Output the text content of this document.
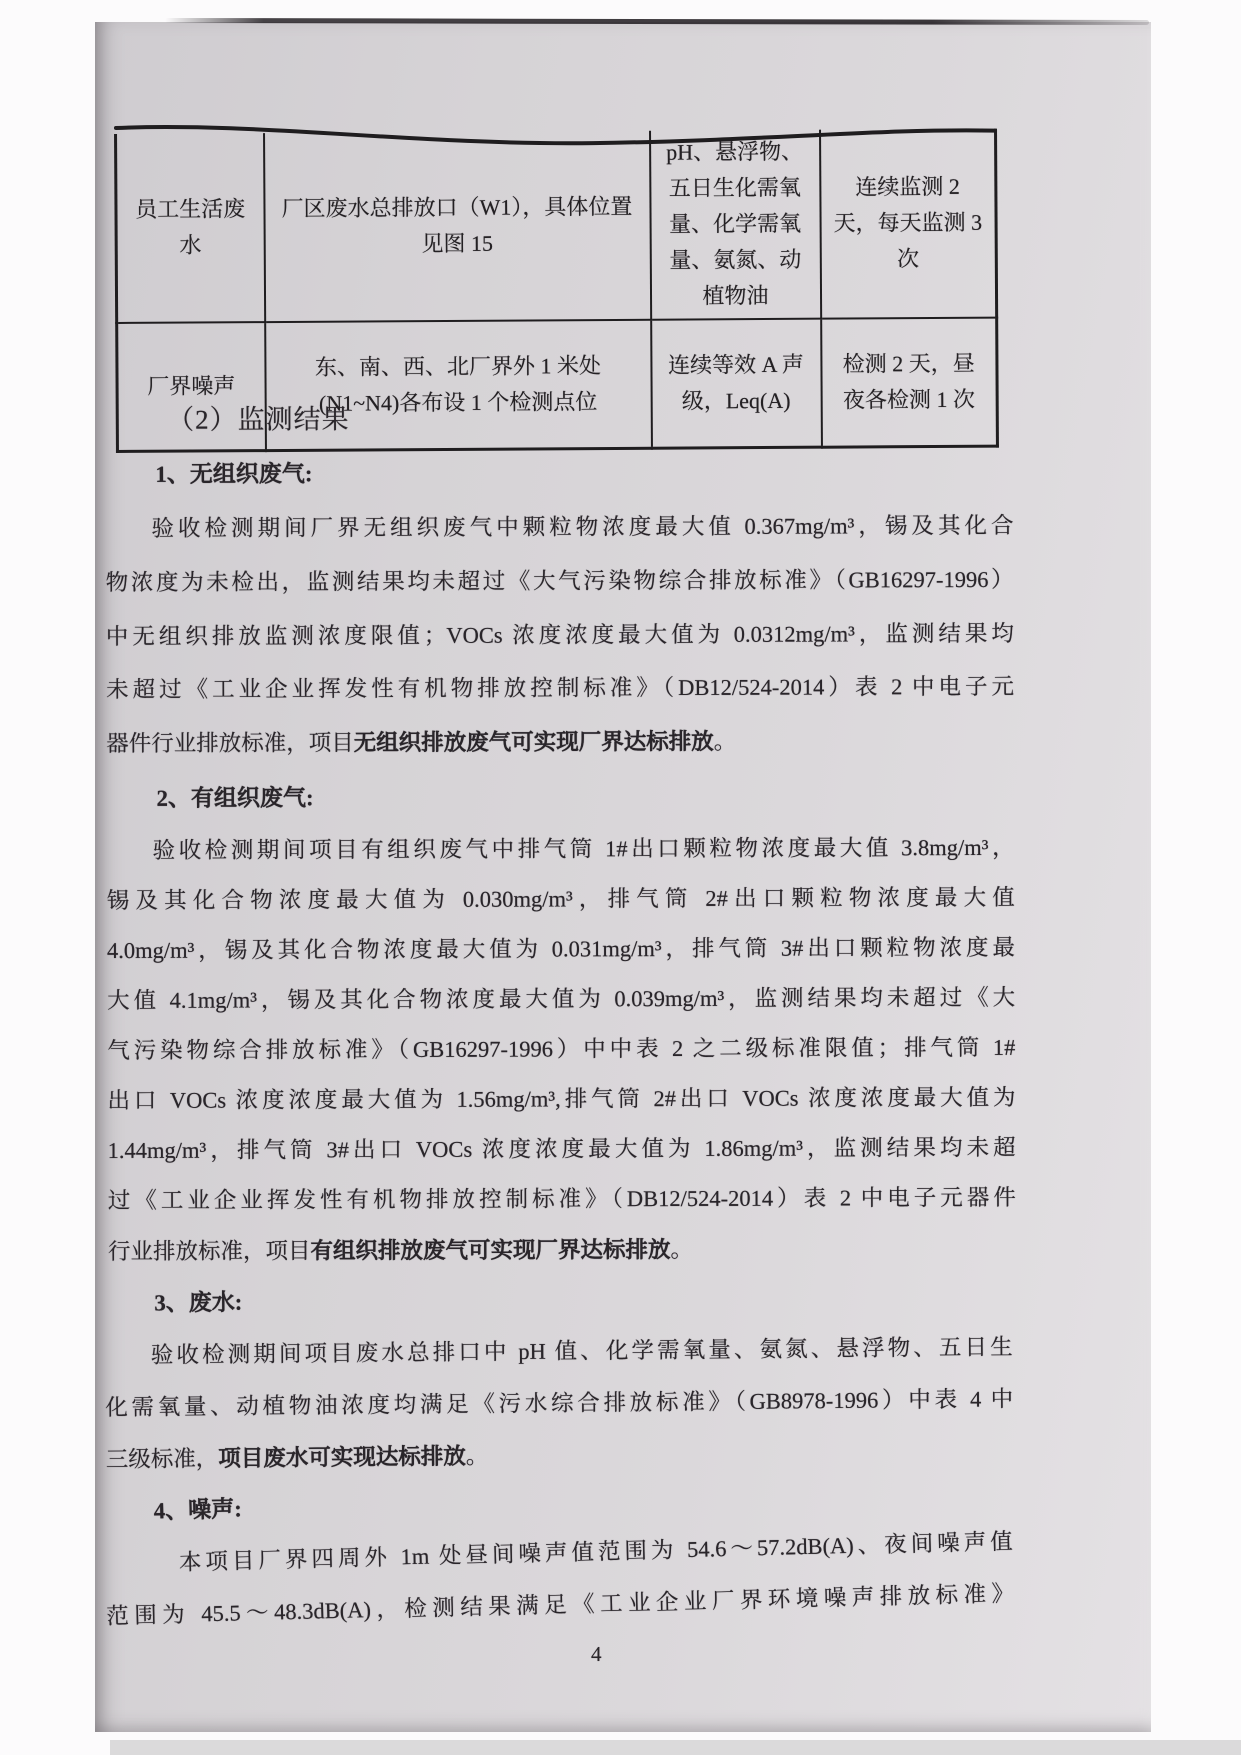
员工生活废水	厂区废水总排放口（W1），具体位置见图 15	pH、悬浮物、五日生化需氧量、化学需氧量、氨氮、动植物油	连续监测 2 天，每天监测 3 次
厂界噪声	东、南、西、北厂界外 1 米处(N1~N4)各布设 1 个检测点位	连续等效 A 声级，Leq(A)	检测 2 天，昼夜各检测 1 次
（2）监测结果
1、无组织废气:
验收检测期间厂界无组织废气中颗粒物浓度最大值 0.367mg/m³，锡及其化合
物浓度为未检出，监测结果均未超过《大气污染物综合排放标准》（GB16297-1996）
中无组织排放监测浓度限值；VOCs 浓度浓度最大值为 0.0312mg/m³，监测结果均
未超过《工业企业挥发性有机物排放控制标准》（DB12/524-2014）表 2 中电子元
器件行业排放标准，项目无组织排放废气可实现厂界达标排放。
2、有组织废气:
验收检测期间项目有组织废气中排气筒 1#出口颗粒物浓度最大值 3.8mg/m³，
锡及其化合物浓度最大值为 0.030mg/m³，排气筒 2#出口颗粒物浓度最大值
4.0mg/m³，锡及其化合物浓度最大值为 0.031mg/m³，排气筒 3#出口颗粒物浓度最
大值 4.1mg/m³，锡及其化合物浓度最大值为 0.039mg/m³，监测结果均未超过《大
气污染物综合排放标准》（GB16297-1996）中中表 2 之二级标准限值；排气筒 1#
出口 VOCs 浓度浓度最大值为 1.56mg/m³,排气筒 2#出口 VOCs 浓度浓度最大值为
1.44mg/m³，排气筒 3#出口 VOCs 浓度浓度最大值为 1.86mg/m³，监测结果均未超
过《工业企业挥发性有机物排放控制标准》（DB12/524-2014）表 2 中电子元器件
行业排放标准，项目有组织排放废气可实现厂界达标排放。
3、废水:
验收检测期间项目废水总排口中 pH 值、化学需氧量、氨氮、悬浮物、五日生
化需氧量、动植物油浓度均满足《污水综合排放标准》（GB8978-1996）中表 4 中
三级标准，项目废水可实现达标排放。
4、噪声:
本项目厂界四周外 1m 处昼间噪声值范围为 54.6～57.2dB(A)、夜间噪声值
范围为 45.5～48.3dB(A)，检测结果满足《工业企业厂界环境噪声排放标准》
4
